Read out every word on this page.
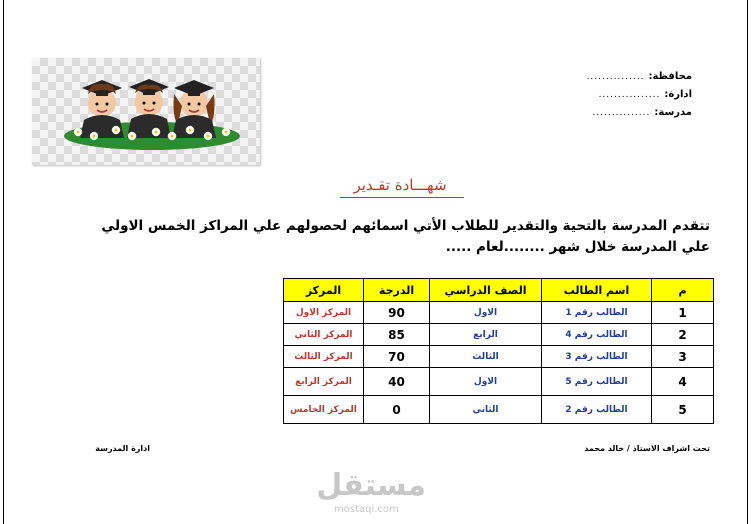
محافظة:
...............
ادارة:
................
مدرسة:
...............
شهـــادة تقـدير
تتقدم المدرسة بالتحية والتقدير للطلاب الأتي اسمائهم لحصولهم علي المراكز الخمس الاولي
علي المدرسة خلال شهر ........لعام .....
م	اسم الطالب	الصف الدراسي	الدرجة	المركز
1	الطالب رقم 1	الاول	90	المركز الاول
2	الطالب رقم 4	الرابع	85	المركز الثاني
3	الطالب رقم 3	الثالث	70	المركز الثالث
4	الطالب رقم 5	الاول	40	المركز الرابع
5	الطالب رقم 2	الثاني	0	المركز الخامس
تحت اشراف الاستاذ / خالد محمد
ادارة المدرسة
مستقل
mostaql.com
